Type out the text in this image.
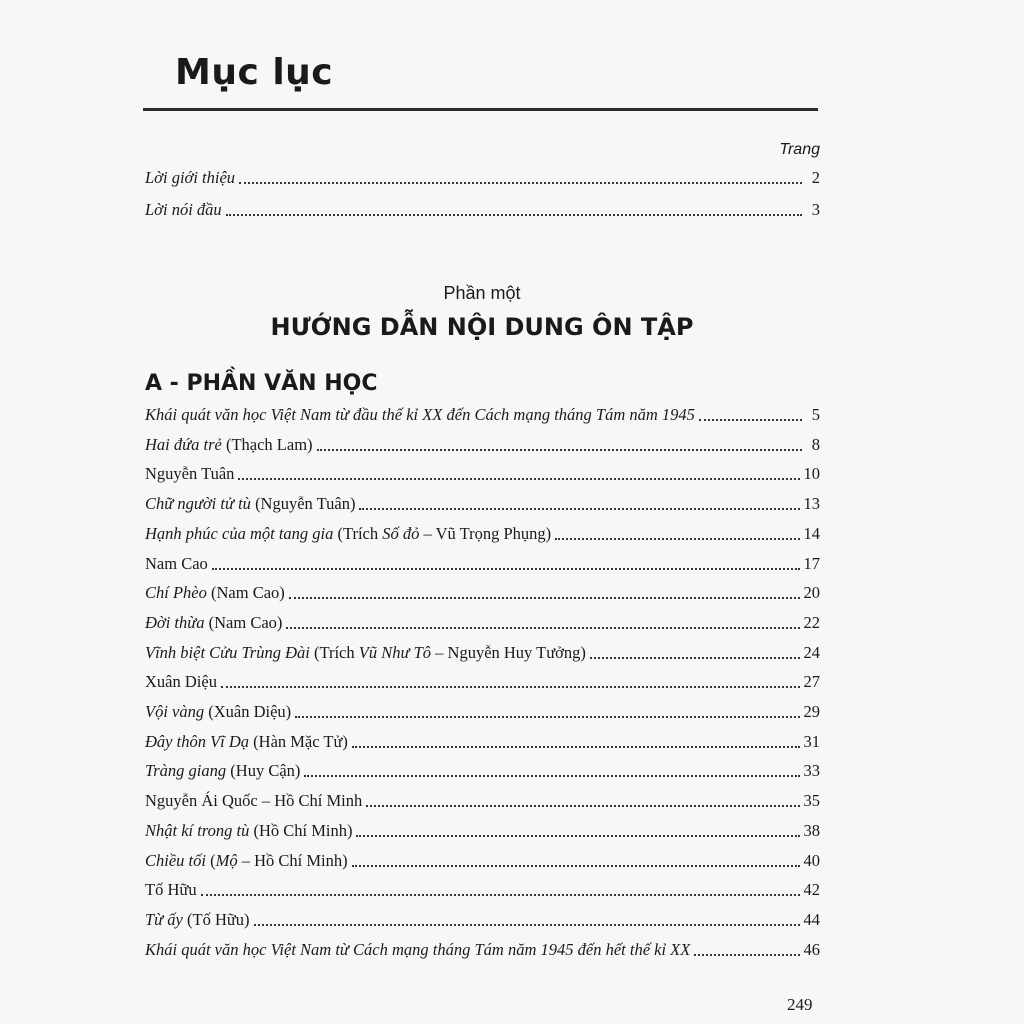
Mục lục
Trang
Lời giới thiệu	2
Lời nói đầu	3
Phần một
HƯỚNG DẪN NỘI DUNG ÔN TẬP
A - PHẦN VĂN HỌC
Khái quát văn học Việt Nam từ đầu thế kỉ XX đến Cách mạng tháng Tám năm 1945	5
Hai đứa trẻ (Thạch Lam)	8
Nguyễn Tuân	10
Chữ người tử tù (Nguyễn Tuân)	13
Hạnh phúc của một tang gia (Trích Số đỏ – Vũ Trọng Phụng)	14
Nam Cao	17
Chí Phèo (Nam Cao)	20
Đời thừa (Nam Cao)	22
Vĩnh biệt Cửu Trùng Đài (Trích Vũ Như Tô – Nguyễn Huy Tưởng)	24
Xuân Diệu	27
Vội vàng (Xuân Diệu)	29
Đây thôn Vĩ Dạ (Hàn Mặc Tử)	31
Tràng giang (Huy Cận)	33
Nguyễn Ái Quốc – Hồ Chí Minh	35
Nhật kí trong tù (Hồ Chí Minh)	38
Chiều tối (Mộ – Hồ Chí Minh)	40
Tố Hữu	42
Từ ấy (Tố Hữu)	44
Khái quát văn học Việt Nam từ Cách mạng tháng Tám năm 1945 đến hết thế kỉ XX	46
249
